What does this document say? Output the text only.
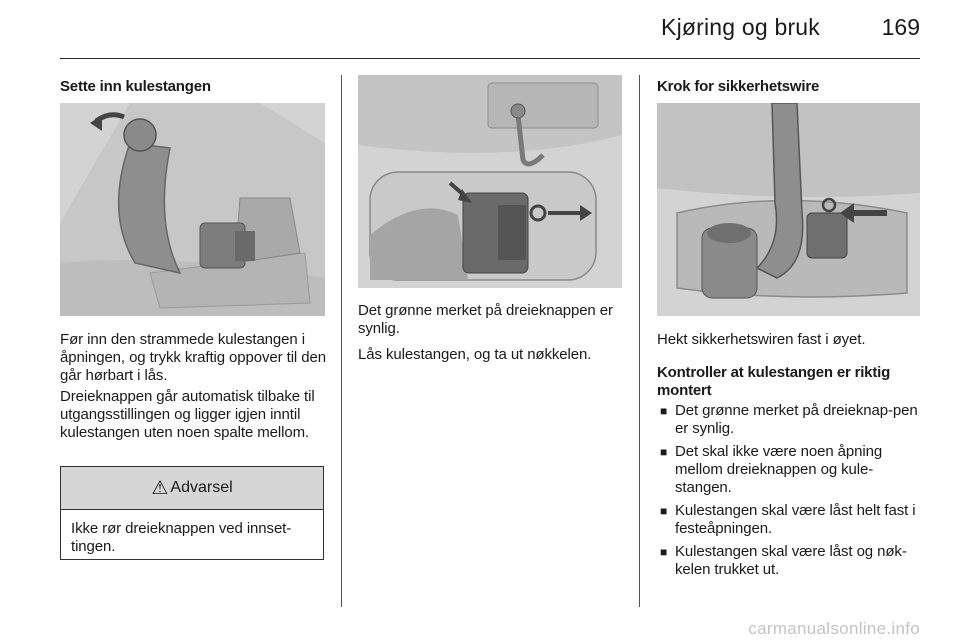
Kjøring og bruk	169
Sette inn kulestangen
Før inn den strammede kulestangen i åpningen, og trykk kraftig oppover til den går hørbart i lås.
Dreieknappen går automatisk tilbake til utgangsstillingen og ligger igjen inntil kulestangen uten noen spalte mellom.
⚠ Advarsel
Ikke rør dreieknappen ved innset-tingen.
Det grønne merket på dreieknappen er synlig.
Lås kulestangen, og ta ut nøkkelen.
Krok for sikkerhetswire
Hekt sikkerhetswiren fast i øyet.
Kontroller at kulestangen er riktig montert
■ Det grønne merket på dreieknap-pen er synlig.
■ Det skal ikke være noen åpning mellom dreieknappen og kule-stangen.
■ Kulestangen skal være låst helt fast i festeåpningen.
■ Kulestangen skal være låst og nøk-kelen trukket ut.
carmanualsonline.info
